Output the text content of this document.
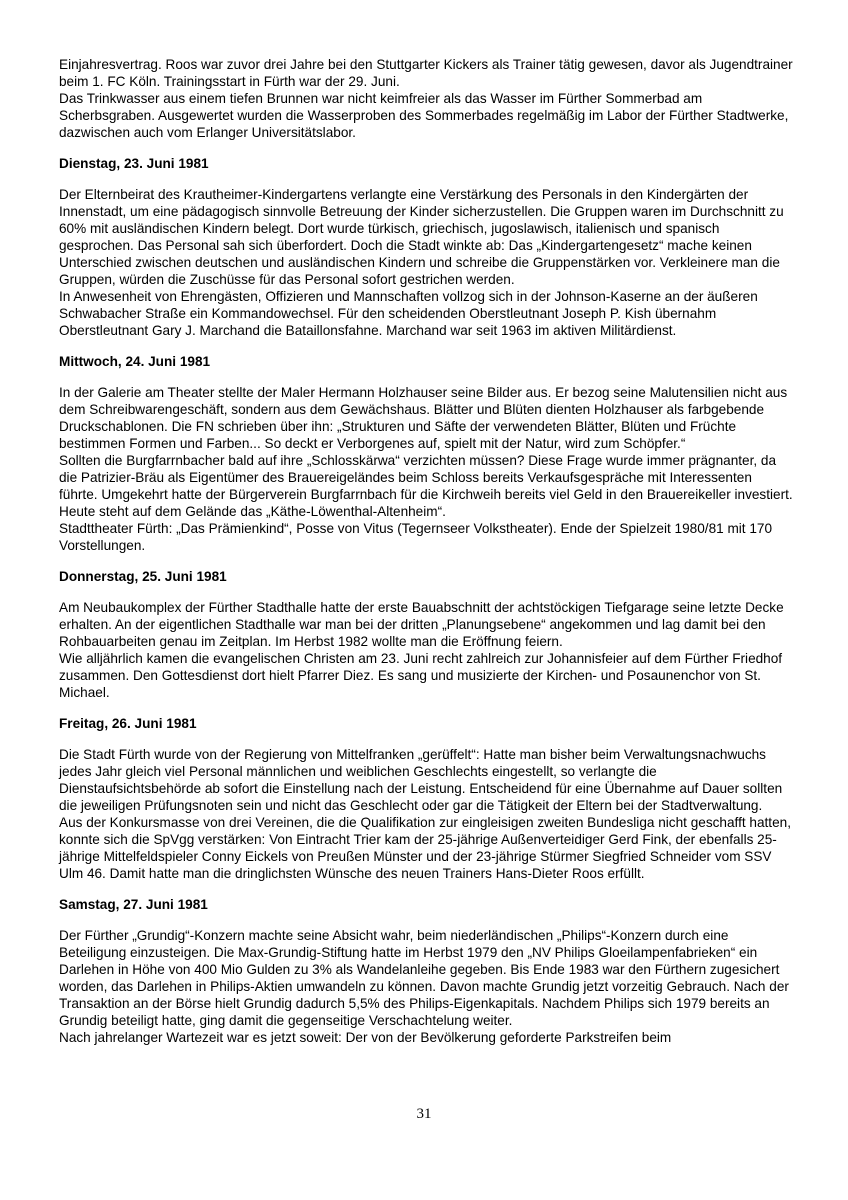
Einjahresvertrag. Roos war zuvor drei Jahre bei den Stuttgarter Kickers als Trainer tätig gewesen, davor als Jugendtrainer beim 1. FC Köln. Trainingsstart in Fürth war der 29. Juni.

Das Trinkwasser aus einem tiefen Brunnen war nicht keimfreier als das Wasser im Fürther Sommerbad am Scherbsgraben. Ausgewertet wurden die Wasserproben des Sommerbades regelmäßig im Labor der Fürther Stadtwerke, dazwischen auch vom Erlanger Universitätslabor.

Dienstag, 23. Juni 1981

Der Elternbeirat des Krautheimer-Kindergartens verlangte eine Verstärkung des Personals in den Kindergärten der Innenstadt, um eine pädagogisch sinnvolle Betreuung der Kinder sicherzustellen. Die Gruppen waren im Durchschnitt zu 60% mit ausländischen Kindern belegt. Dort wurde türkisch, griechisch, jugoslawisch, italienisch und spanisch gesprochen. Das Personal sah sich überfordert. Doch die Stadt winkte ab: Das „Kindergartengesetz“ mache keinen Unterschied zwischen deutschen und ausländischen Kindern und schreibe die Gruppenstärken vor. Verkleinere man die Gruppen, würden die Zuschüsse für das Personal sofort gestrichen werden.

In Anwesenheit von Ehrengästen, Offizieren und Mannschaften vollzog sich in der Johnson-Kaserne an der äußeren Schwabacher Straße ein Kommandowechsel. Für den scheidenden Oberstleutnant Joseph P. Kish übernahm Oberstleutnant Gary J. Marchand die Bataillonsfahne. Marchand war seit 1963 im aktiven Militärdienst.

Mittwoch, 24. Juni 1981

In der Galerie am Theater stellte der Maler Hermann Holzhauser seine Bilder aus. Er bezog seine Malutensilien nicht aus dem Schreibwarengeschäft, sondern aus dem Gewächshaus. Blätter und Blüten dienten Holzhauser als farbgebende Druckschablonen. Die FN schrieben über ihn: „Strukturen und Säfte der verwendeten Blätter, Blüten und Früchte bestimmen Formen und Farben... So deckt er Verborgenes auf, spielt mit der Natur, wird zum Schöpfer.“

Sollten die Burgfarrnbacher bald auf ihre „Schlosskärwa“ verzichten müssen? Diese Frage wurde immer prägnanter, da die Patrizier-Bräu als Eigentümer des Brauereigeländes beim Schloss bereits Verkaufsgespräche mit Interessenten führte. Umgekehrt hatte der Bürgerverein Burgfarrnbach für die Kirchweih bereits viel Geld in den Brauereikeller investiert. Heute steht auf dem Gelände das „Käthe-Löwenthal-Altenheim“.

Stadttheater Fürth: „Das Prämienkind“, Posse von Vitus (Tegernseer Volkstheater). Ende der Spielzeit 1980/81 mit 170 Vorstellungen.

Donnerstag, 25. Juni 1981

Am Neubaukomplex der Fürther Stadthalle hatte der erste Bauabschnitt der achtstöckigen Tiefgarage seine letzte Decke erhalten. An der eigentlichen Stadthalle war man bei der dritten „Planungsebene“ angekommen und lag damit bei den Rohbauarbeiten genau im Zeitplan. Im Herbst 1982 wollte man die Eröffnung feiern.

Wie alljährlich kamen die evangelischen Christen am 23. Juni recht zahlreich zur Johannisfeier auf dem Fürther Friedhof zusammen. Den Gottesdienst dort hielt Pfarrer Diez. Es sang und musizierte der Kirchen- und Posaunenchor von St. Michael.

Freitag, 26. Juni 1981

Die Stadt Fürth wurde von der Regierung von Mittelfranken „gerüffelt“: Hatte man bisher beim Verwaltungsnachwuchs jedes Jahr gleich viel Personal männlichen und weiblichen Geschlechts eingestellt, so verlangte die Dienstaufsichtsbehörde ab sofort die Einstellung nach der Leistung. Entscheidend für eine Übernahme auf Dauer sollten die jeweiligen Prüfungsnoten sein und nicht das Geschlecht oder gar die Tätigkeit der Eltern bei der Stadtverwaltung.

Aus der Konkursmasse von drei Vereinen, die die Qualifikation zur eingleisigen zweiten Bundesliga nicht geschafft hatten, konnte sich die SpVgg verstärken: Von Eintracht Trier kam der 25-jährige Außenverteidiger Gerd Fink, der ebenfalls 25-jährige Mittelfeldspieler Conny Eickels von Preußen Münster und der 23-jährige Stürmer Siegfried Schneider vom SSV Ulm 46. Damit hatte man die dringlichsten Wünsche des neuen Trainers Hans-Dieter Roos erfüllt.

Samstag, 27. Juni 1981

Der Fürther „Grundig“-Konzern machte seine Absicht wahr, beim niederländischen „Philips“-Konzern durch eine Beteiligung einzusteigen. Die Max-Grundig-Stiftung hatte im Herbst 1979 den „NV Philips Gloeilampenfabrieken“ ein Darlehen in Höhe von 400 Mio Gulden zu 3% als Wandelanleihe gegeben. Bis Ende 1983 war den Fürthern zugesichert worden, das Darlehen in Philips-Aktien umwandeln zu können. Davon machte Grundig jetzt vorzeitig Gebrauch. Nach der Transaktion an der Börse hielt Grundig dadurch 5,5% des Philips-Eigenkapitals. Nachdem Philips sich 1979 bereits an Grundig beteiligt hatte, ging damit die gegenseitige Verschachtelung weiter.

Nach jahrelanger Wartezeit war es jetzt soweit: Der von der Bevölkerung geforderte Parkstreifen beim

31
